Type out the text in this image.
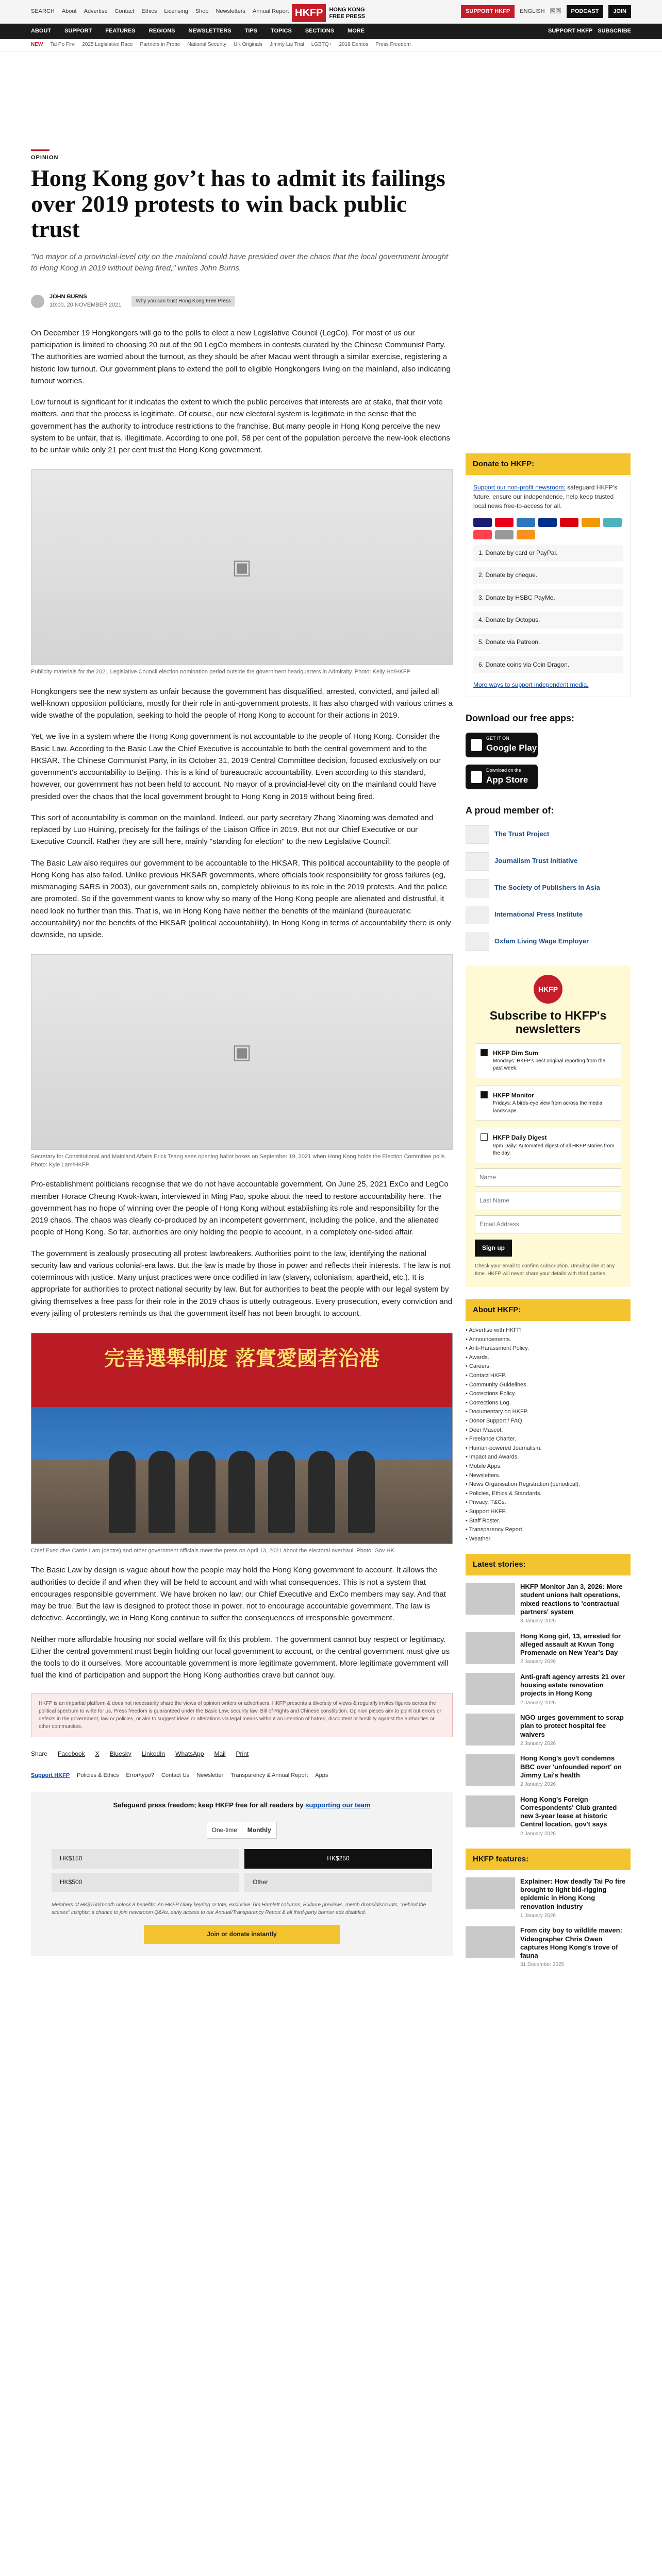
SEARCH About Advertise Contact Ethics Licensing Shop Newsletters Annual Report HKFP	HONG KONG
FREE PRESS
SUPPORT HKFP	ENGLISH 國際	PODCAST	JOIN
ABOUT SUPPORT FEATURES REGIONS NEWSLETTERS TIPS TOPICS SECTIONS MORE	SUPPORT HKFP SUBSCRIBE
NEW Tai Po Fire 2025 Legislative Race Partners in Probe National Security UK Originals Jimmy Lai Trial LGBTQ+ 2019 Demos Press Freedom
OPINION
Hong Kong gov’t has to admit its failings over 2019 protests to win back public trust
"No mayor of a provincial-level city on the mainland could have presided over the chaos that the local government brought to Hong Kong in 2019 without being fired," writes John Burns.
JOHN BURNS
10:00, 20 NOVEMBER 2021
Why you can trust Hong Kong Free Press

On December 19 Hongkongers will go to the polls to elect a new Legislative Council (LegCo). For most of us our participation is limited to choosing 20 out of the 90 LegCo members in contests curated by the Chinese Communist Party. The authorities are worried about the turnout, as they should be after Macau went through a similar exercise, registering a historic low turnout. Our government plans to extend the poll to eligible Hongkongers living on the mainland, also indicating turnout worries.

Low turnout is significant for it indicates the extent to which the public perceives that interests are at stake, that their vote matters, and that the process is legitimate. Of course, our new electoral system is legitimate in the sense that the government has the authority to introduce restrictions to the franchise. But many people in Hong Kong perceive the new system to be unfair, that is, illegitimate. According to one poll, 58 per cent of the population perceive the new-look elections to be unfair while only 21 per cent trust the Hong Kong government.

▣
Publicity materials for the 2021 Legislative Council election nomination period outside the government headquarters in Admiralty. Photo: Kelly Ho/HKFP.

Hongkongers see the new system as unfair because the government has disqualified, arrested, convicted, and jailed all well-known opposition politicians, mostly for their role in anti-government protests. It has also charged with various crimes a wide swathe of the population, seeking to hold the people of Hong Kong to account for their actions in 2019.

Yet, we live in a system where the Hong Kong government is not accountable to the people of Hong Kong. Consider the Basic Law. According to the Basic Law the Chief Executive is accountable to both the central government and to the HKSAR. The Chinese Communist Party, in its October 31, 2019 Central Committee decision, focused exclusively on our government's accountability to Beijing. This is a kind of bureaucratic accountability. Even according to this standard, however, our government has not been held to account. No mayor of a provincial-level city on the mainland could have presided over the chaos that the local government brought to Hong Kong in 2019 without being fired.

This sort of accountability is common on the mainland. Indeed, our party secretary Zhang Xiaoming was demoted and replaced by Luo Huining, precisely for the failings of the Liaison Office in 2019. But not our Chief Executive or our Executive Council. Rather they are still here, mainly "standing for election" to the new Legislative Council.

The Basic Law also requires our government to be accountable to the HKSAR. This political accountability to the people of Hong Kong has also failed. Unlike previous HKSAR governments, where officials took responsibility for gross failures (eg, mismanaging SARS in 2003), our government sails on, completely oblivious to its role in the 2019 protests. And the police are promoted. So if the government wants to know why so many of the Hong Kong people are alienated and distrustful, it need look no further than this. That is, we in Hong Kong have neither the benefits of the mainland (bureaucratic accountability) nor the benefits of the HKSAR (political accountability). In Hong Kong in terms of accountability there is only downside, no upside.

▣
Secretary for Constitutional and Mainland Affairs Erick Tsang sees opening ballot boxes on September 19, 2021 when Hong Kong holds the Election Committee polls. Photo: Kyle Lam/HKFP.

Pro-establishment politicians recognise that we do not have accountable government. On June 25, 2021 ExCo and LegCo member Horace Cheung Kwok-kwan, interviewed in Ming Pao, spoke about the need to restore accountability here. The government has no hope of winning over the people of Hong Kong without establishing its role and responsibility for the 2019 chaos. The chaos was clearly co-produced by an incompetent government, including the police, and the alienated people of Hong Kong. So far, authorities are only holding the people to account, in a completely one-sided affair.

The government is zealously prosecuting all protest lawbreakers. Authorities point to the law, identifying the national security law and various colonial-era laws. But the law is made by those in power and reflects their interests. The law is not coterminous with justice. Many unjust practices were once codified in law (slavery, colonialism, apartheid, etc.). It is appropriate for authorities to protect national security by law. But for authorities to beat the people with our legal system by giving themselves a free pass for their role in the 2019 chaos is utterly outrageous. Every prosecution, every conviction and every jailing of protesters reminds us that the government itself has not been brought to account.

完善選舉制度 落實愛國者治港
Chief Executive Carrie Lam (centre) and other government officials meet the press on April 13, 2021 about the electoral overhaul. Photo: Gov HK.

The Basic Law by design is vague about how the people may hold the Hong Kong government to account. It allows the authorities to decide if and when they will be held to account and with what consequences. This is not a system that encourages responsible government. We have broken no law; our Chief Executive and ExCo members may say. And that may be true. But the law is designed to protect those in power, not to encourage accountable government. The law is defective. Accordingly, we in Hong Kong continue to suffer the consequences of irresponsible government.

Neither more affordable housing nor social welfare will fix this problem. The government cannot buy respect or legitimacy. Either the central government must begin holding our local government to account, or the central government must give us the tools to do it ourselves. More accountable government is more legitimate government. More legitimate government will fuel the kind of participation and support the Hong Kong authorities crave but cannot buy.

HKFP is an impartial platform & does not necessarily share the views of opinion writers or advertisers. HKFP presents a diversity of views & regularly invites figures across the political spectrum to write for us. Press freedom is guaranteed under the Basic Law, security law, Bill of Rights and Chinese constitution. Opinion pieces aim to point out errors or defects in the government, law or policies, or aim to suggest ideas or alterations via legal means without an intention of hatred, discontent or hostility against the authorities or other communities.
Share Facebook X Bluesky LinkedIn WhatsApp Mail Print
Support HKFP Policies & Ethics Error/typo? Contact Us Newsletter Transparency & Annual Report Apps
Safeguard press freedom; keep HKFP free for all readers by supporting our team
One-time	Monthly
HK$150	HK$250
HK$500	Other
Members of HK$150/month unlock 8 benefits: An HKFP Diary keyring or tote, exclusive Tim Hamlett columns, Bulbure previews, merch drops/discounts, "behind the scenes" insights; a chance to join newsroom Q&As, early access to our Annual/Transparency Report & all third-party banner ads disabled.
Join or donate instantly
Donate to HKFP:
Support our non-profit newsroom: safeguard HKFP's future, ensure our independence, help keep trusted local news free-to-access for all.
1. Donate by card or PayPal.
2. Donate by cheque.
3. Donate by HSBC PayMe.
4. Donate by Octopus.
5. Donate via Patreon.
6. Donate coins via Coin Dragon.
More ways to support independent media.
Download our free apps:
GET IT ON
Google Play
Download on the
App Store
A proud member of:
The Trust Project
Journalism Trust Initiative
The Society of Publishers in Asia
International Press Institute
Oxfam Living Wage Employer
HKFP
Subscribe to HKFP's newsletters
HKFP Dim Sum
Mondays: HKFP's best original reporting from the past week.
HKFP Monitor
Fridays: A birds-eye view from across the media landscape.
HKFP Daily Digest
9pm Daily: Automated digest of all HKFP stories from the day.
Name
Last Name
Email Address
Sign up
Check your email to confirm subscription. Unsubscribe at any time. HKFP will never share your details with third parties.
About HKFP:
• Advertise with HKFP.
• Announcements.
• Anti-Harassment Policy.
• Awards.
• Careers.
• Contact HKFP.
• Community Guidelines.
• Corrections Policy.
• Corrections Log.
• Documentary on HKFP.
• Donor Support / FAQ.
• Deer Mascot.
• Freelance Charter.
• Human-powered Journalism.
• Impact and Awards.
• Mobile Apps.
• Newsletters.
• News Organisation Registration (periodical).
• Policies, Ethics & Standards.
• Privacy, T&Cs.
• Support HKFP.
• Staff Roster.
• Transparency Report.
• Weather.
Latest stories:
HKFP Monitor Jan 3, 2026: More student unions halt operations, mixed reactions to 'contractual partners' system
3 January 2026
Hong Kong girl, 13, arrested for alleged assault at Kwun Tong Promenade on New Year's Day
2 January 2026
Anti-graft agency arrests 21 over housing estate renovation projects in Hong Kong
2 January 2026
NGO urges government to scrap plan to protect hospital fee waivers
2 January 2026
Hong Kong's gov't condemns BBC over 'unfounded report' on Jimmy Lai's health
2 January 2026
Hong Kong's Foreign Correspondents' Club granted new 3-year lease at historic Central location, gov't says
2 January 2026
HKFP features:
Explainer: How deadly Tai Po fire brought to light bid-rigging epidemic in Hong Kong renovation industry
1 January 2026
From city boy to wildlife maven: Videographer Chris Owen captures Hong Kong's trove of fauna
31 December 2025
